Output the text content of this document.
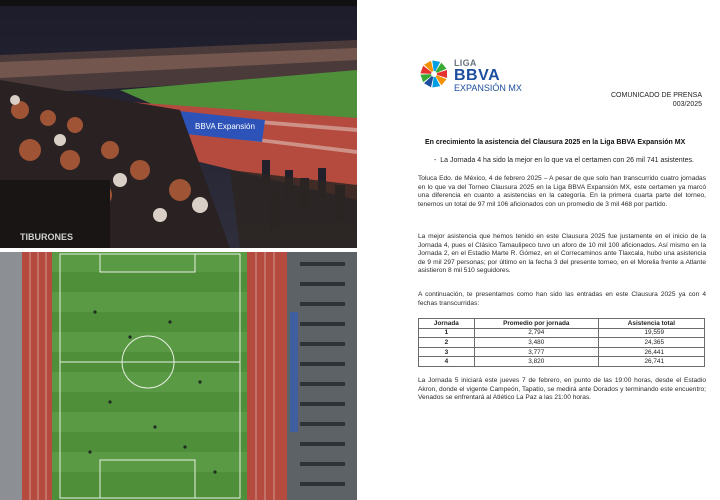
BBVA Expansión
TIBURONES
LIGA
BBVA
EXPANSIÓN MX
COMUNICADO DE PRENSA
003/2025
En crecimiento la asistencia del Clausura 2025 en la Liga BBVA Expansión MX
-  La Jornada 4 ha sido la mejor en lo que va el certamen con 26 mil 741 asistentes.
Toluca Edo. de México, 4 de febrero 2025 – A pesar de que solo han transcurrido cuatro jornadas en lo que va del Torneo Clausura 2025 en la Liga BBVA Expansión MX, este certamen ya marcó una diferencia en cuanto a asistencias en la categoría. En la primera cuarta parte del torneo, tenemos un total de 97 mil 106 aficionados con un promedio de 3 mil 468 por partido.
La mejor asistencia que hemos tenido en este Clausura 2025 fue justamente en el inicio de la Jornada 4, pues el Clásico Tamaulipeco tuvo un aforo de 10 mil 100 aficionados. Así mismo en la Jornada 2, en el Estadio Marte R. Gómez, en el Correcaminos ante Tlaxcala, hubo una asistencia de 9 mil 297 personas; por último en la fecha 3 del presente torneo, en el Morelia frente a Atlante asistieron 8 mil 510 seguidores.
A continuación, te presentamos como han sido las entradas en este Clausura 2025 ya con 4 fechas transcurridas:
Jornada	Promedio por jornada	Asistencia total
1	2,794	19,559
2	3,480	24,365
3	3,777	26,441
4	3,820	26,741
La Jornada 5 iniciará este jueves 7 de febrero, en punto de las 19:00 horas, desde el Estadio Akron, donde el vigente Campeón, Tapatío, se medirá ante Dorados y terminando este encuentro; Venados se enfrentará al Atlético La Paz a las 21:00 horas.
